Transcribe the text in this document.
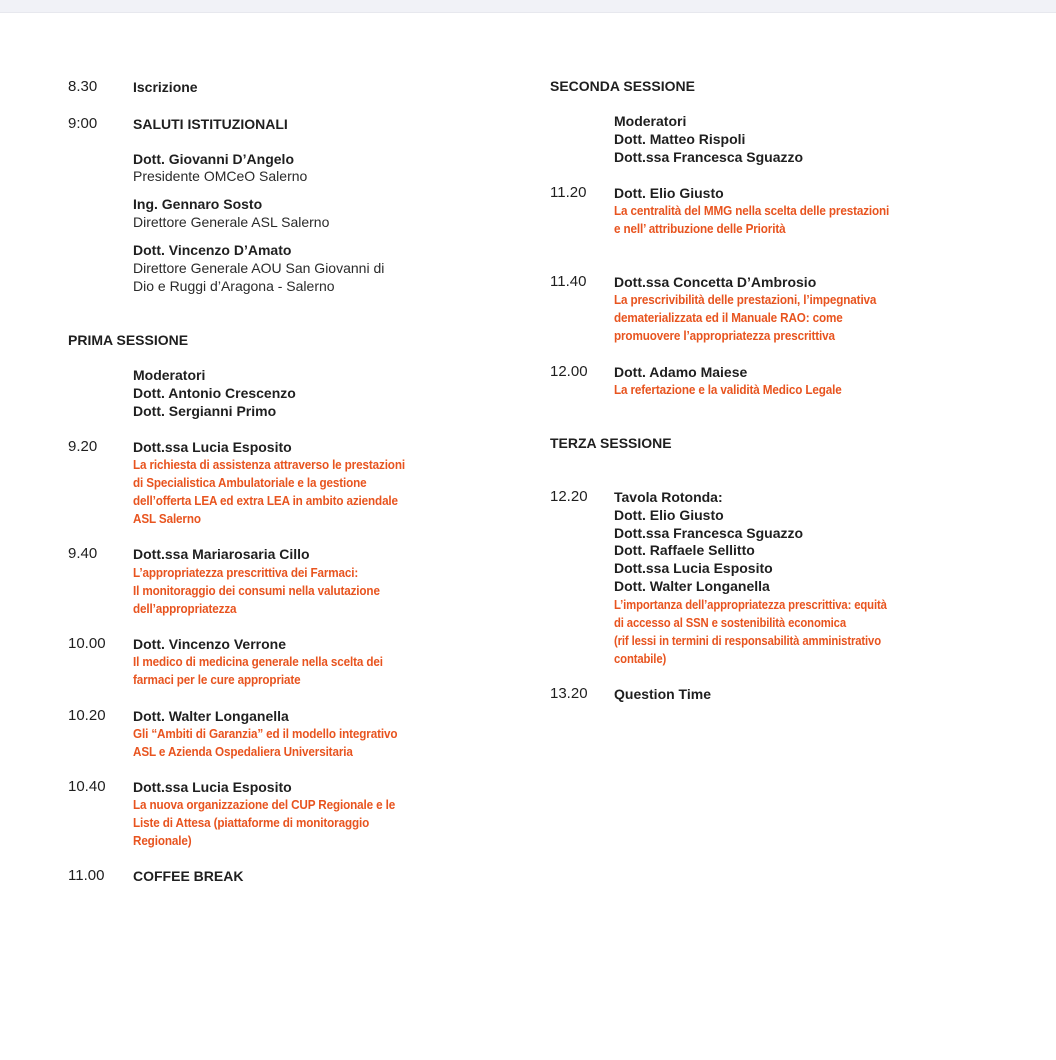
8.30	Iscrizione
9:00	SALUTI ISTITUZIONALI
Dott. Giovanni D’Angelo
Presidente OMCeO Salerno
Ing. Gennaro Sosto
Direttore Generale ASL Salerno
Dott. Vincenzo D’Amato
Direttore Generale AOU San Giovanni di
Dio e Ruggi d’Aragona - Salerno
PRIMA SESSIONE
Moderatori
Dott. Antonio Crescenzo
Dott. Sergianni Primo
9.20	Dott.ssa Lucia Esposito
La richiesta di assistenza attraverso le prestazioni
di Specialistica Ambulatoriale e la gestione
dell’offerta LEA ed extra LEA in ambito aziendale
ASL Salerno
9.40	Dott.ssa Mariarosaria Cillo
L’appropriatezza prescrittiva dei Farmaci:
Il monitoraggio dei consumi nella valutazione
dell’appropriatezza
10.00 Dott. Vincenzo Verrone
Il medico di medicina generale nella scelta dei
farmaci per le cure appropriate
10.20 Dott. Walter Longanella
Gli “Ambiti di Garanzia” ed il modello integrativo
ASL e Azienda Ospedaliera Universitaria
10.40 Dott.ssa Lucia Esposito
La nuova organizzazione del CUP Regionale e le
Liste di Attesa (piattaforme di monitoraggio
Regionale)
11.00 COFFEE BREAK
SECONDA SESSIONE
Moderatori
Dott. Matteo Rispoli
Dott.ssa Francesca Sguazzo
11.20 Dott. Elio Giusto
La centralità del MMG nella scelta delle prestazioni
e nell’ attribuzione delle Priorità
11.40 Dott.ssa Concetta D’Ambrosio
La prescrivibilità delle prestazioni, l’impegnativa
dematerializzata ed il Manuale RAO: come
promuovere l’appropriatezza prescrittiva
12.00 Dott. Adamo Maiese
La refertazione e la validità Medico Legale
TERZA SESSIONE
12.20 Tavola Rotonda:
Dott. Elio Giusto
Dott.ssa Francesca Sguazzo
Dott. Raffaele Sellitto
Dott.ssa Lucia Esposito
Dott. Walter Longanella
L’importanza dell’appropriatezza prescrittiva: equità
di accesso al SSN e sostenibilità economica
(rif lessi in termini di responsabilità amministrativo
contabile)
13.20 Question Time
